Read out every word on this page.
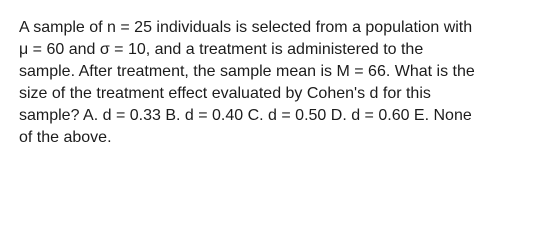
A sample of n = 25 individuals is selected from a population with
μ = 60 and σ = 10, and a treatment is administered to the
sample. After treatment, the sample mean is M = 66. What is the
size of the treatment effect evaluated by Cohen's d for this
sample? A. d = 0.33 B. d = 0.40 C. d = 0.50 D. d = 0.60 E. None
of the above.
